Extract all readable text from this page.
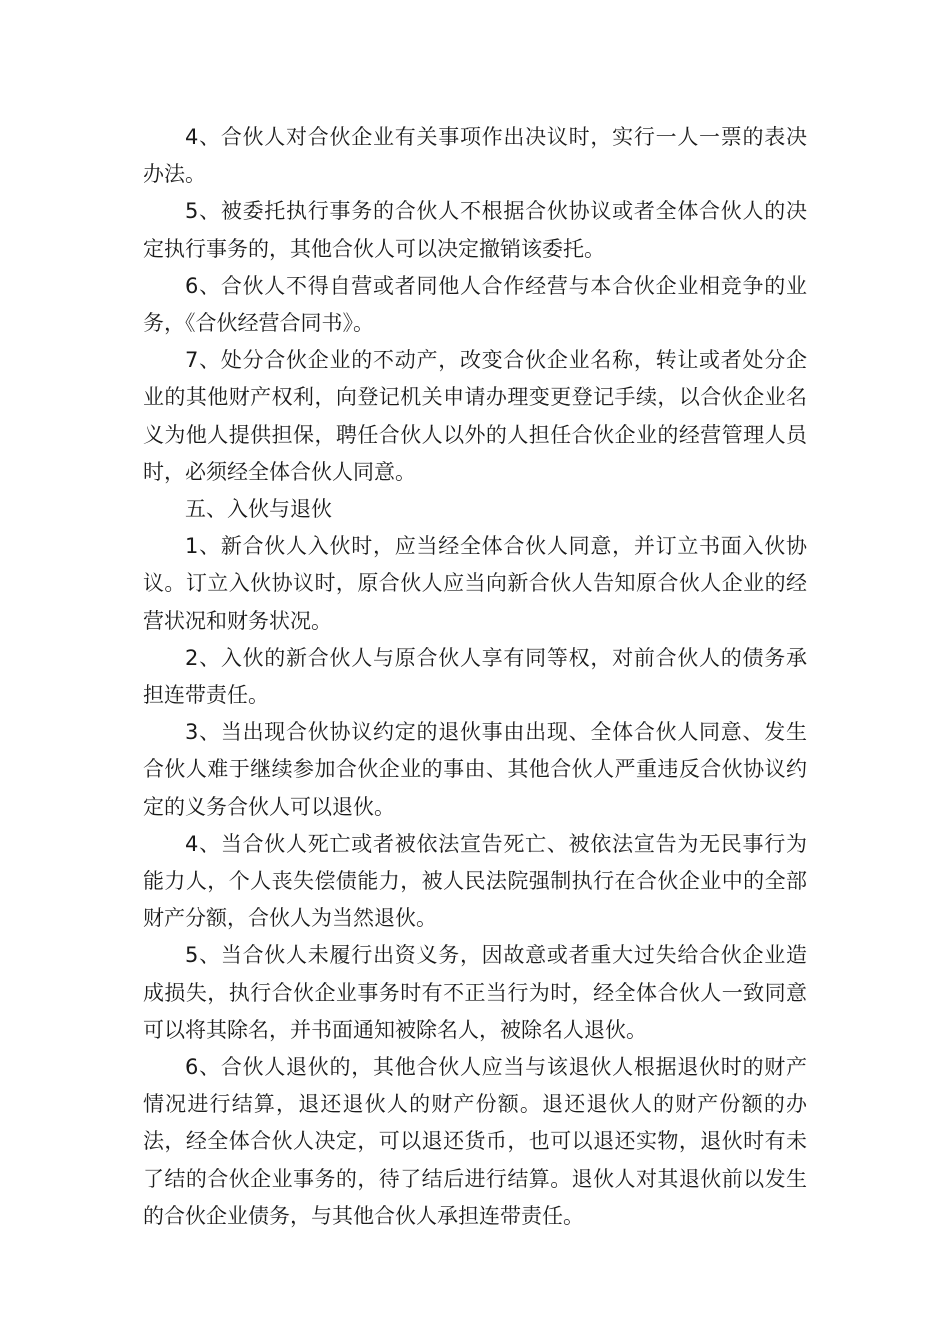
4、合伙人对合伙企业有关事项作出决议时，实行一人一票的表决办法。

5、被委托执行事务的合伙人不根据合伙协议或者全体合伙人的决定执行事务的，其他合伙人可以决定撤销该委托。

6、合伙人不得自营或者同他人合作经营与本合伙企业相竞争的业务，《合伙经营合同书》。

7、处分合伙企业的不动产，改变合伙企业名称，转让或者处分企业的其他财产权利，向登记机关申请办理变更登记手续，以合伙企业名义为他人提供担保，聘任合伙人以外的人担任合伙企业的经营管理人员时，必须经全体合伙人同意。

五、入伙与退伙

1、新合伙人入伙时，应当经全体合伙人同意，并订立书面入伙协议。订立入伙协议时，原合伙人应当向新合伙人告知原合伙人企业的经营状况和财务状况。

2、入伙的新合伙人与原合伙人享有同等权，对前合伙人的债务承担连带责任。

3、当出现合伙协议约定的退伙事由出现、全体合伙人同意、发生合伙人难于继续参加合伙企业的事由、其他合伙人严重违反合伙协议约定的义务合伙人可以退伙。

4、当合伙人死亡或者被依法宣告死亡、被依法宣告为无民事行为能力人，个人丧失偿债能力，被人民法院强制执行在合伙企业中的全部财产分额，合伙人为当然退伙。

5、当合伙人未履行出资义务，因故意或者重大过失给合伙企业造成损失，执行合伙企业事务时有不正当行为时，经全体合伙人一致同意可以将其除名，并书面通知被除名人，被除名人退伙。

6、合伙人退伙的，其他合伙人应当与该退伙人根据退伙时的财产情况进行结算，退还退伙人的财产份额。退还退伙人的财产份额的办法，经全体合伙人决定，可以退还货币，也可以退还实物，退伙时有未了结的合伙企业事务的，待了结后进行结算。退伙人对其退伙前以发生的合伙企业债务，与其他合伙人承担连带责任。
